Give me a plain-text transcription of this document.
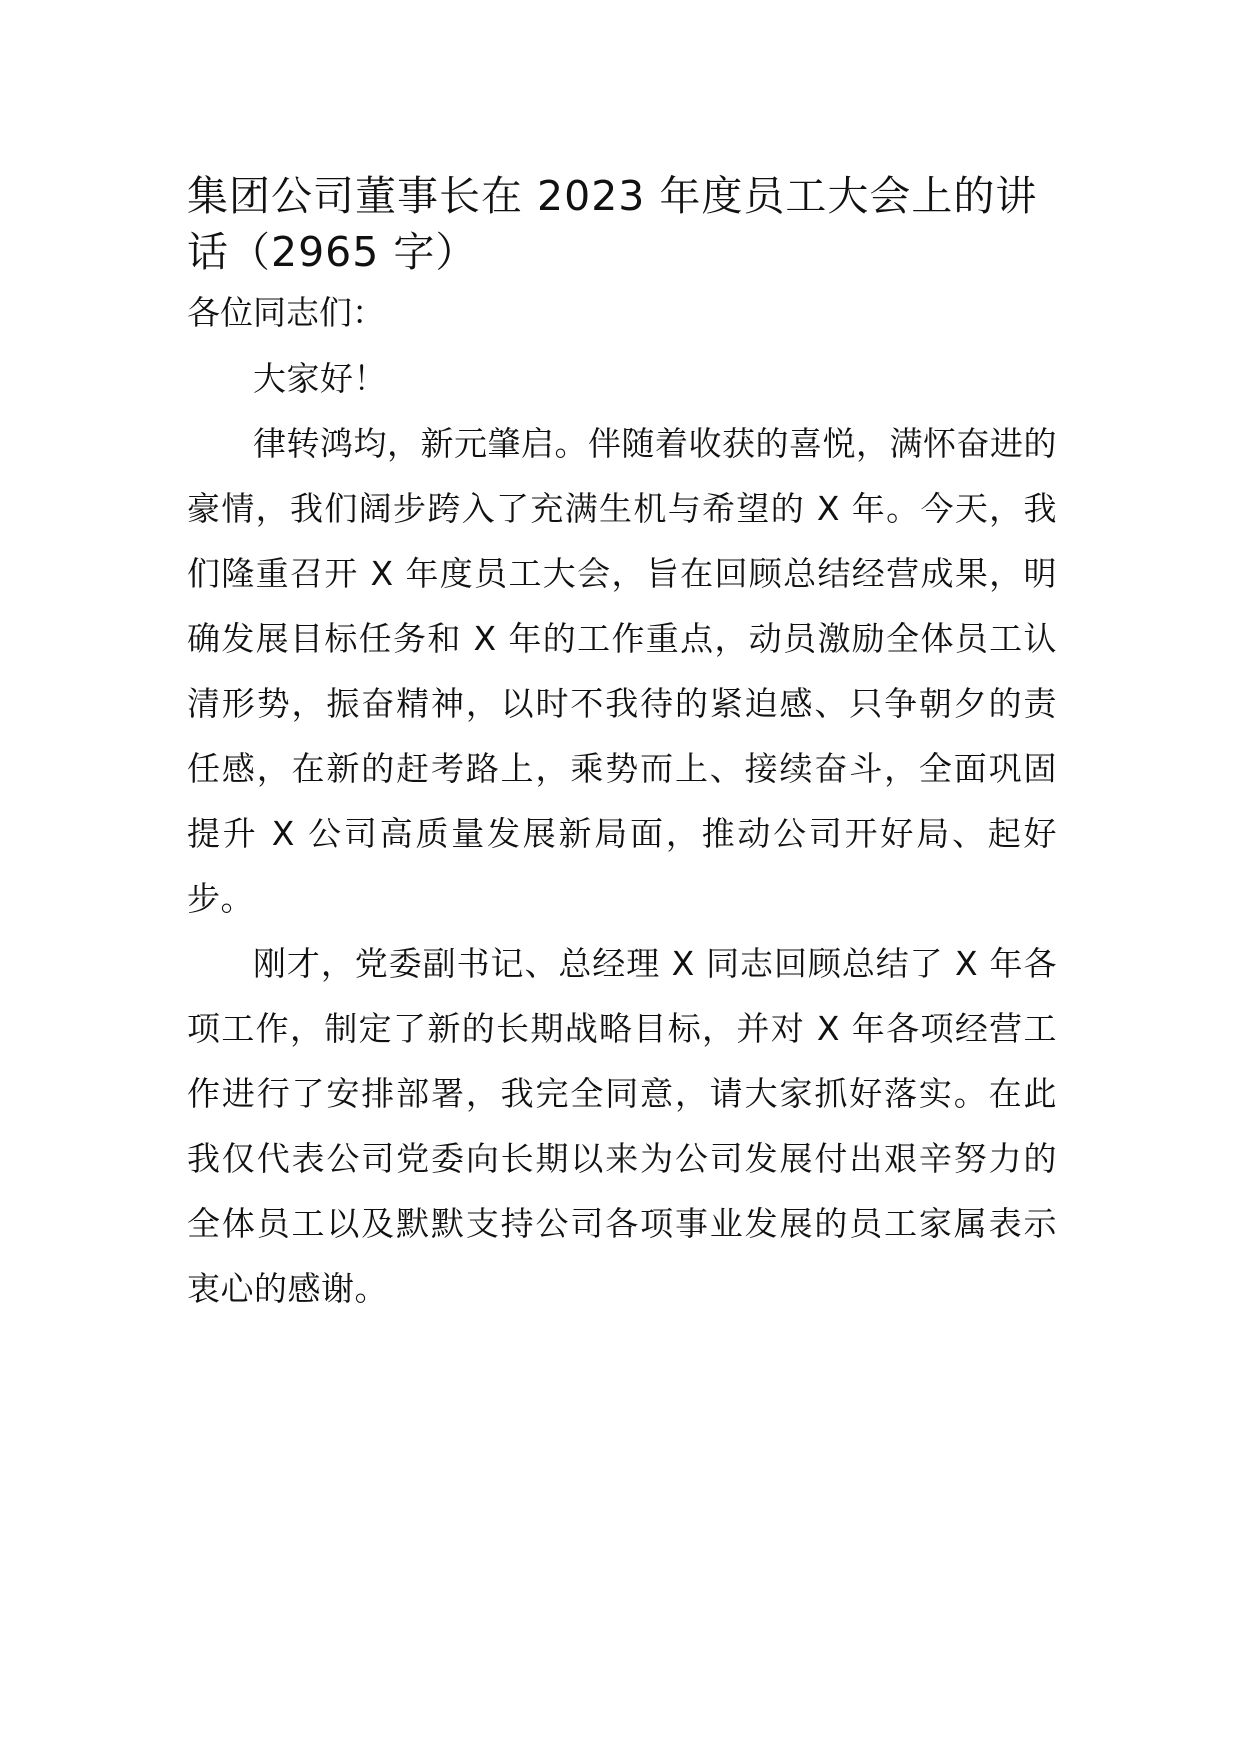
集团公司董事长在 2023 年度员工大会上的讲话（2965 字）

各位同志们：

大家好！

律转鸿均，新元肇启。伴随着收获的喜悦，满怀奋进的豪情，我们阔步跨入了充满生机与希望的 X 年。今天，我们隆重召开 X 年度员工大会，旨在回顾总结经营成果，明确发展目标任务和 X 年的工作重点，动员激励全体员工认清形势，振奋精神，以时不我待的紧迫感、只争朝夕的责任感，在新的赶考路上，乘势而上、接续奋斗，全面巩固提升 X 公司高质量发展新局面，推动公司开好局、起好步。

刚才，党委副书记、总经理 X 同志回顾总结了 X 年各项工作，制定了新的长期战略目标，并对 X 年各项经营工作进行了安排部署，我完全同意，请大家抓好落实。在此我仅代表公司党委向长期以来为公司发展付出艰辛努力的全体员工以及默默支持公司各项事业发展的员工家属表示衷心的感谢。
